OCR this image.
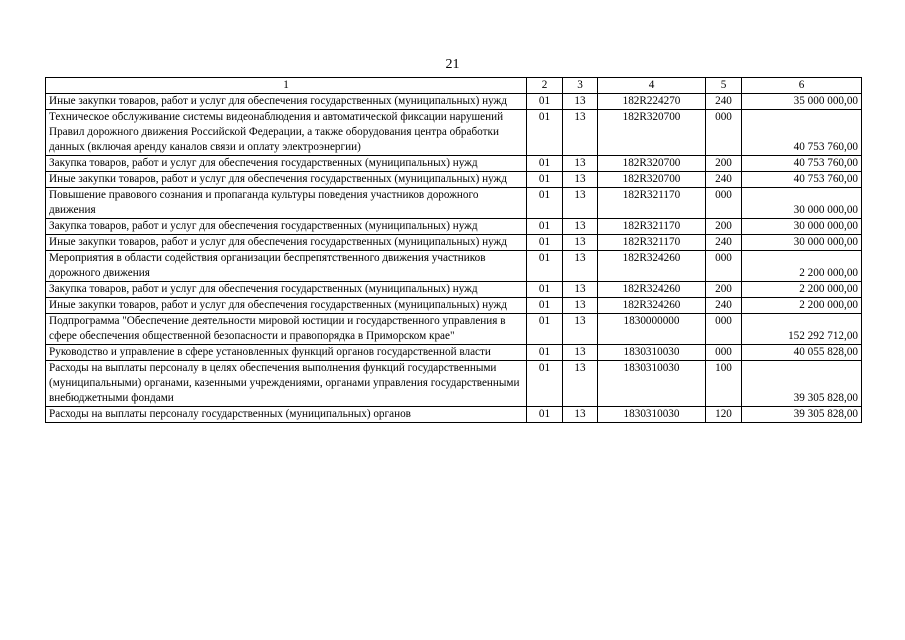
21
1	2	3	4	5	6
Иные закупки товаров, работ и услуг для обеспечения государственных (муниципальных) нужд	01	13	182R224270	240	35 000 000,00
Техническое обслуживание системы видеонаблюдения и автоматической фиксации нарушений Правил дорожного движения Российской Федерации, а также оборудования центра обработки данных (включая аренду каналов связи и оплату электроэнергии)	01	13	182R320700	000	40 753 760,00
Закупка товаров, работ и услуг для обеспечения государственных (муниципальных) нужд	01	13	182R320700	200	40 753 760,00
Иные закупки товаров, работ и услуг для обеспечения государственных (муниципальных) нужд	01	13	182R320700	240	40 753 760,00
Повышение правового сознания и пропаганда культуры поведения участников дорожного движения	01	13	182R321170	000	30 000 000,00
Закупка товаров, работ и услуг для обеспечения государственных (муниципальных) нужд	01	13	182R321170	200	30 000 000,00
Иные закупки товаров, работ и услуг для обеспечения государственных (муниципальных) нужд	01	13	182R321170	240	30 000 000,00
Мероприятия в области содействия организации беспрепятственного движения участников дорожного движения	01	13	182R324260	000	2 200 000,00
Закупка товаров, работ и услуг для обеспечения государственных (муниципальных) нужд	01	13	182R324260	200	2 200 000,00
Иные закупки товаров, работ и услуг для обеспечения государственных (муниципальных) нужд	01	13	182R324260	240	2 200 000,00
Подпрограмма "Обеспечение деятельности мировой юстиции и государственного управления в сфере обеспечения общественной безопасности и правопорядка в Приморском крае"	01	13	1830000000	000	152 292 712,00
Руководство и управление в сфере установленных функций органов государственной власти	01	13	1830310030	000	40 055 828,00
Расходы на выплаты персоналу в целях обеспечения выполнения функций государственными (муниципальными) органами, казенными учреждениями, органами управления государственными внебюджетными фондами	01	13	1830310030	100	39 305 828,00
Расходы на выплаты персоналу государственных (муниципальных) органов	01	13	1830310030	120	39 305 828,00
